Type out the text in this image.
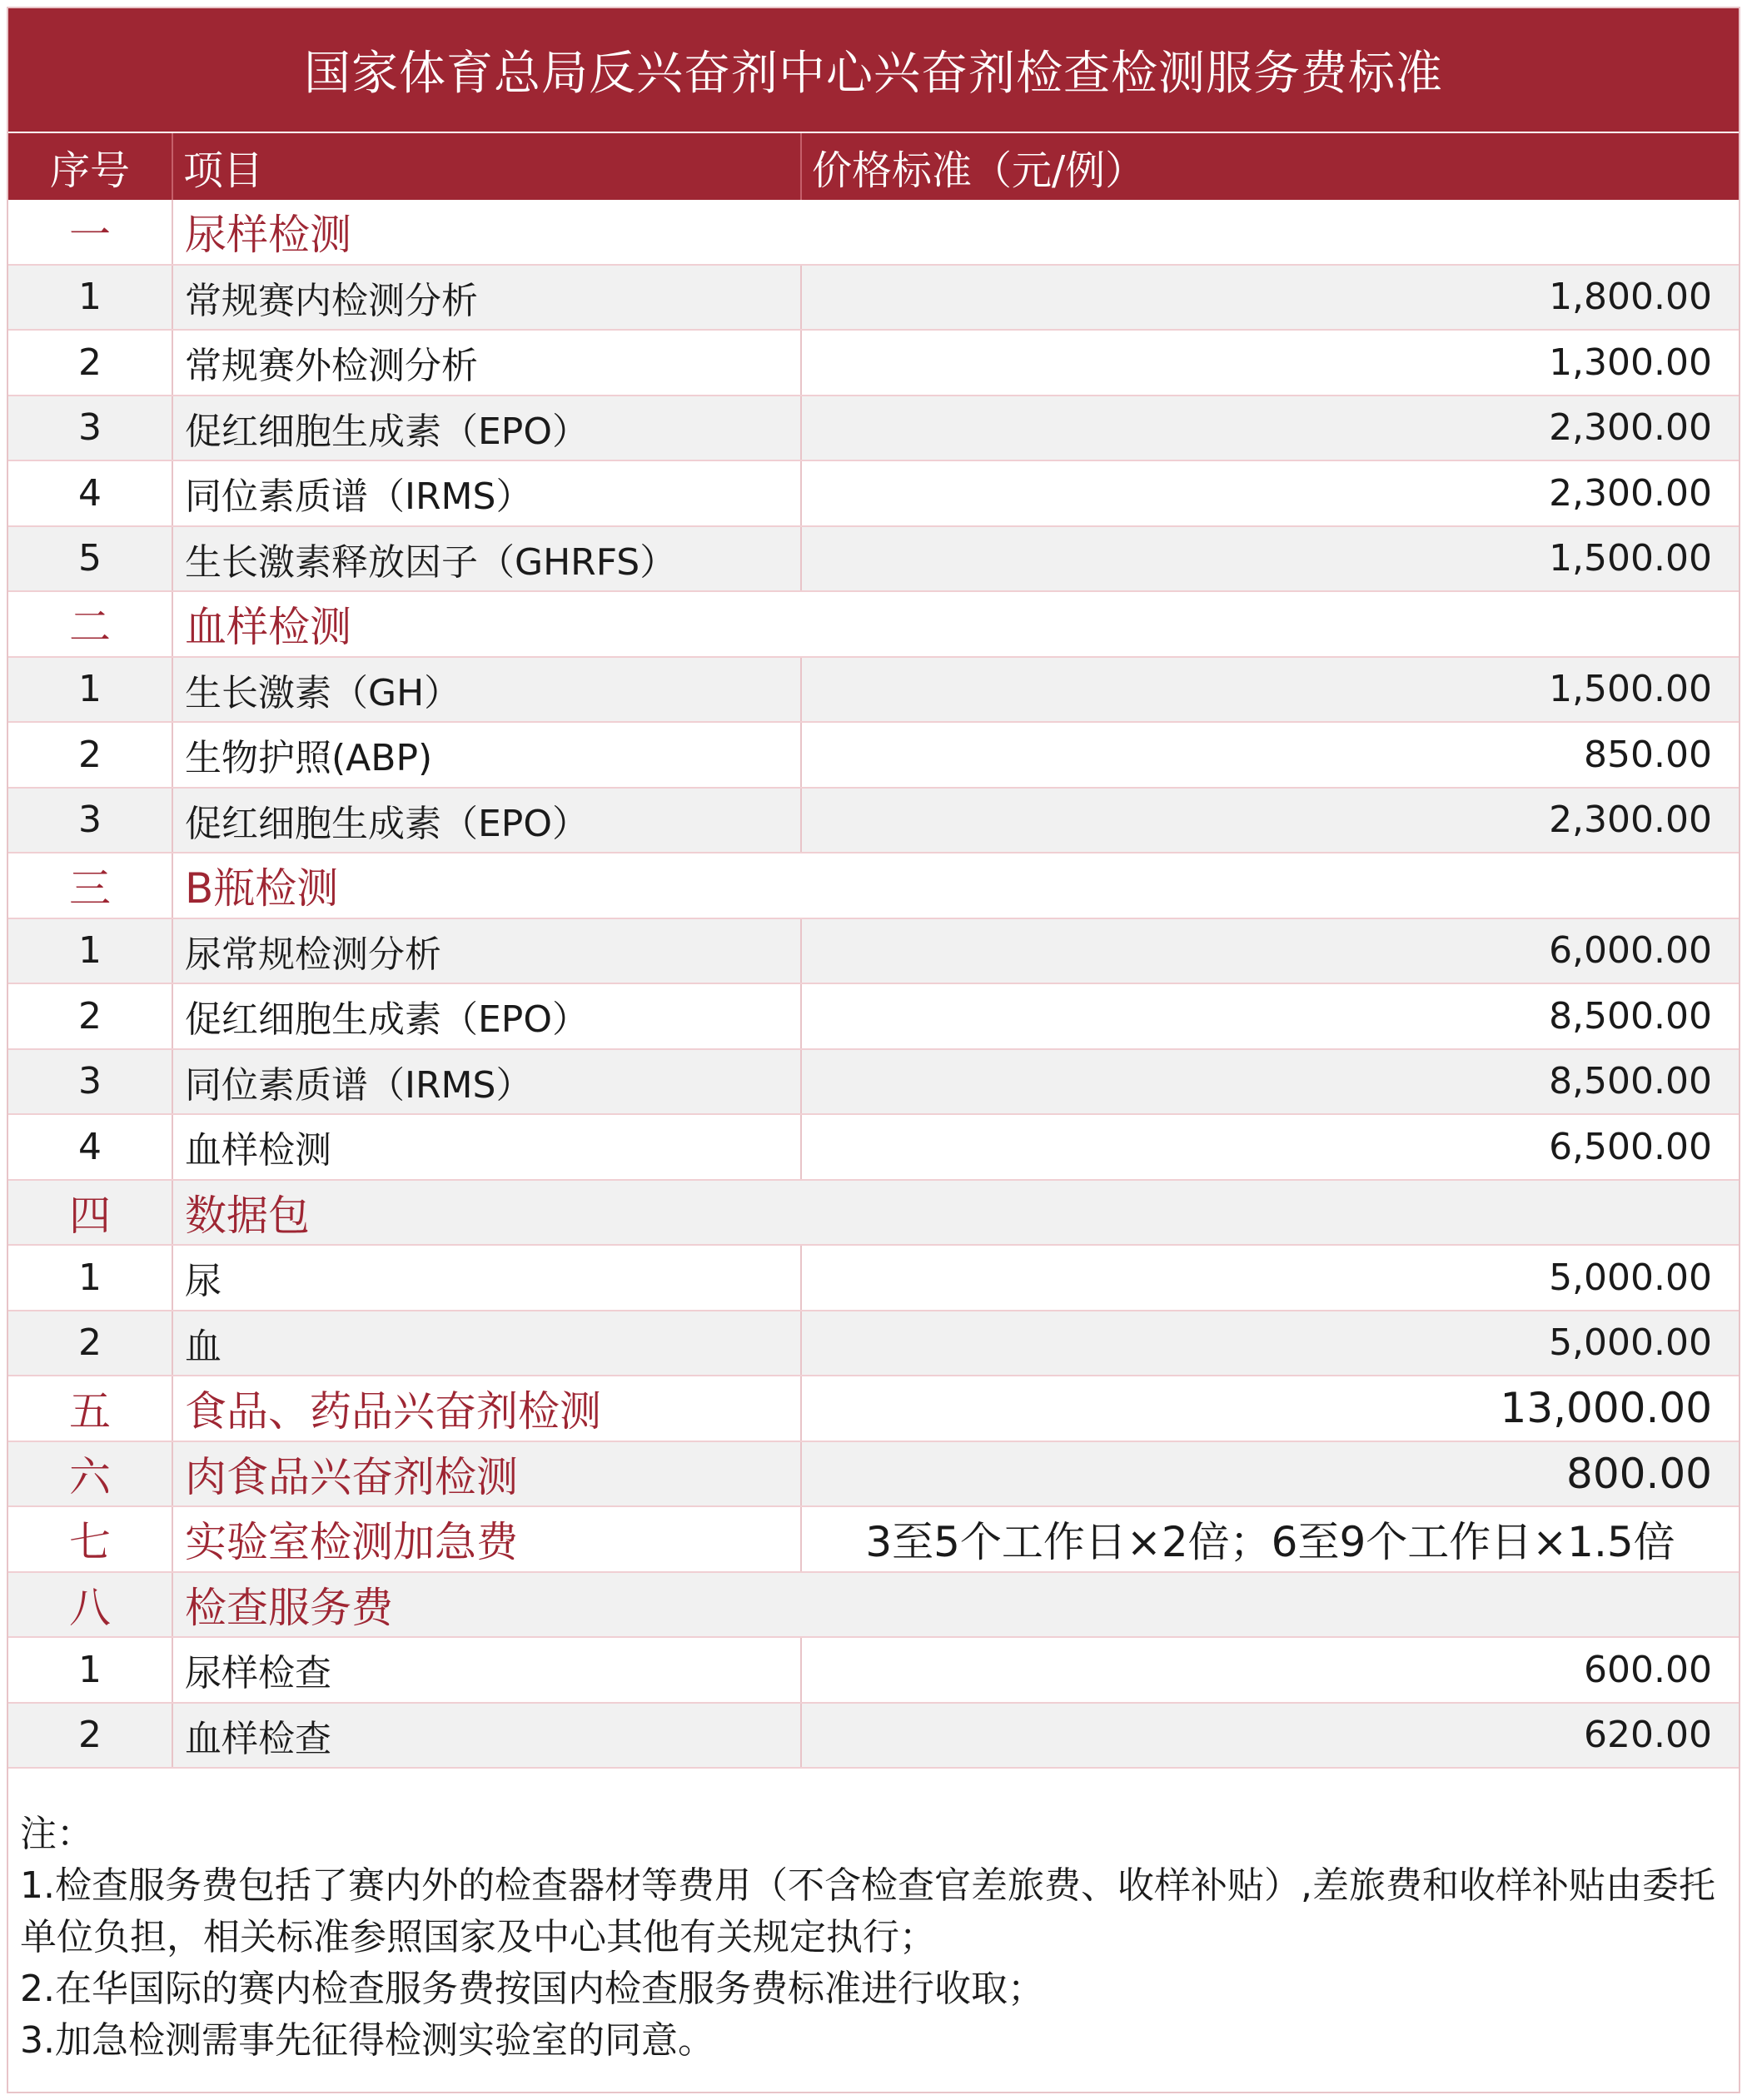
国家体育总局反兴奋剂中心兴奋剂检查检测服务费标准
序号	项目	价格标准（元/例）
一	尿样检测
1	常规赛内检测分析	1,800.00
2	常规赛外检测分析	1,300.00
3	促红细胞生成素（EPO）	2,300.00
4	同位素质谱（IRMS）	2,300.00
5	生长激素释放因子（GHRFS）	1,500.00
二	血样检测
1	生长激素（GH）	1,500.00
2	生物护照(ABP)	850.00
3	促红细胞生成素（EPO）	2,300.00
三	B瓶检测
1	尿常规检测分析	6,000.00
2	促红细胞生成素（EPO）	8,500.00
3	同位素质谱（IRMS）	8,500.00
4	血样检测	6,500.00
四	数据包
1	尿	5,000.00
2	血	5,000.00
五	食品、药品兴奋剂检测	13,000.00
六	肉食品兴奋剂检测	800.00
七	实验室检测加急费	3至5个工作日×2倍；6至9个工作日×1.5倍
八	检查服务费
1	尿样检查	600.00
2	血样检查	620.00

注：

1.检查服务费包括了赛内外的检查器材等费用（不含检查官差旅费、收样补贴）,差旅费和收样补贴由委托单位负担，相关标准参照国家及中心其他有关规定执行；

2.在华国际的赛内检查服务费按国内检查服务费标准进行收取；

3.加急检测需事先征得检测实验室的同意。
